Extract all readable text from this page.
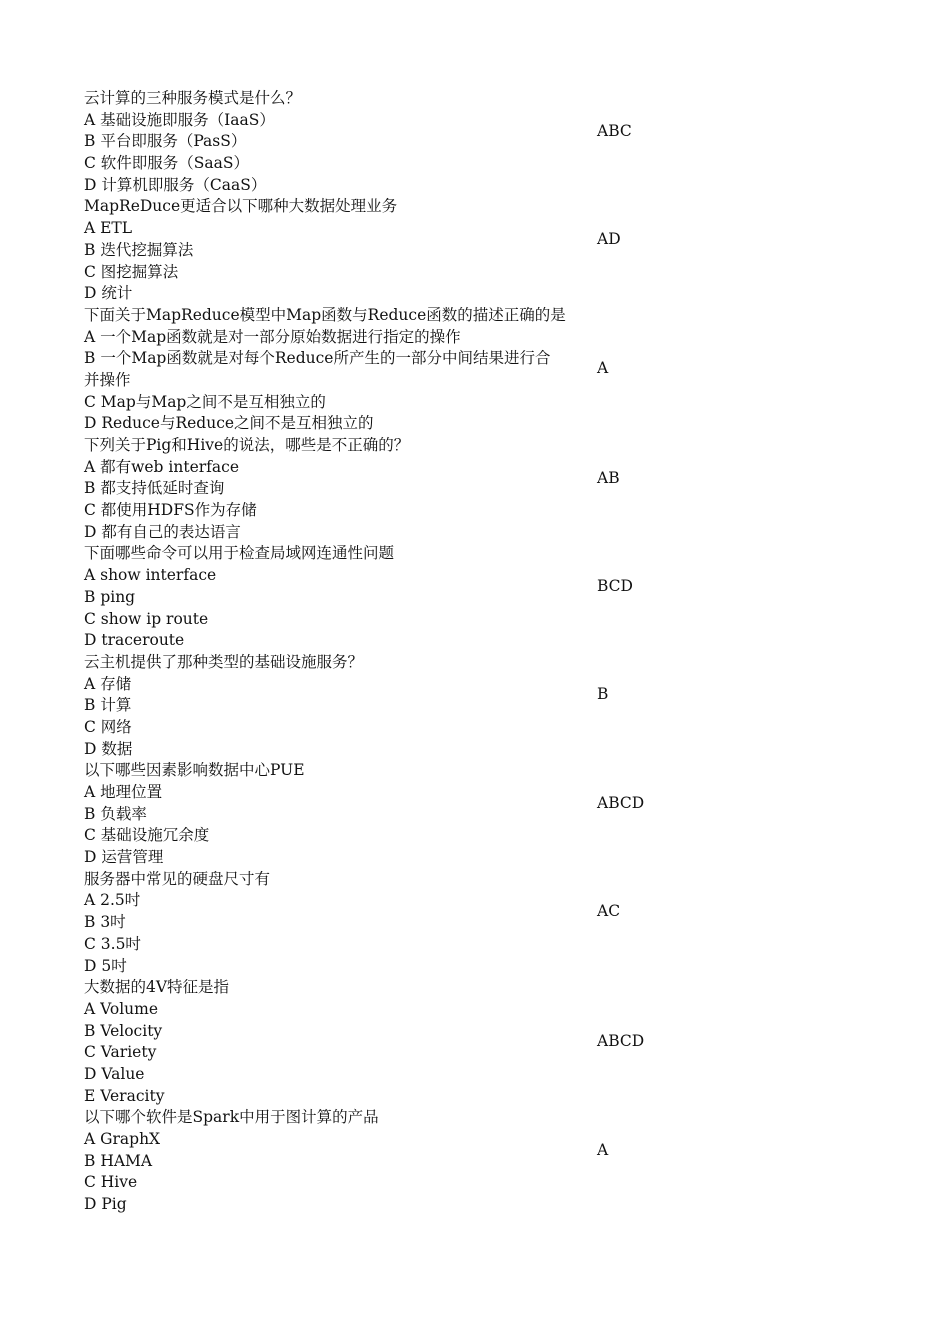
云计算的三种服务模式是什么？
A 基础设施即服务（IaaS）
B 平台即服务（PasS）
C 软件即服务（SaaS）
D 计算机即服务（CaaS）
ABC
MapReDuce更适合以下哪种大数据处理业务
A ETL
B 迭代挖掘算法
C 图挖掘算法
D 统计
AD
下面关于MapReduce模型中Map函数与Reduce函数的描述正确的是
A 一个Map函数就是对一部分原始数据进行指定的操作
B 一个Map函数就是对每个Reduce所产生的一部分中间结果进行合
并操作
C Map与Map之间不是互相独立的
D Reduce与Reduce之间不是互相独立的
A
下列关于Pig和Hive的说法，哪些是不正确的？
A 都有web interface
B 都支持低延时查询
C 都使用HDFS作为存储
D 都有自己的表达语言
AB
下面哪些命令可以用于检查局域网连通性问题
A show interface
B ping
C show ip route
D traceroute
BCD
云主机提供了那种类型的基础设施服务？
A 存储
B 计算
C 网络
D 数据
B
以下哪些因素影响数据中心PUE
A 地理位置
B 负载率
C 基础设施冗余度
D 运营管理
ABCD
服务器中常见的硬盘尺寸有
A 2.5吋
B 3吋
C 3.5吋
D 5吋
AC
大数据的4V特征是指
A Volume
B Velocity
C Variety
D Value
E Veracity
ABCD
以下哪个软件是Spark中用于图计算的产品
A GraphX
B HAMA
C Hive
D Pig
A
